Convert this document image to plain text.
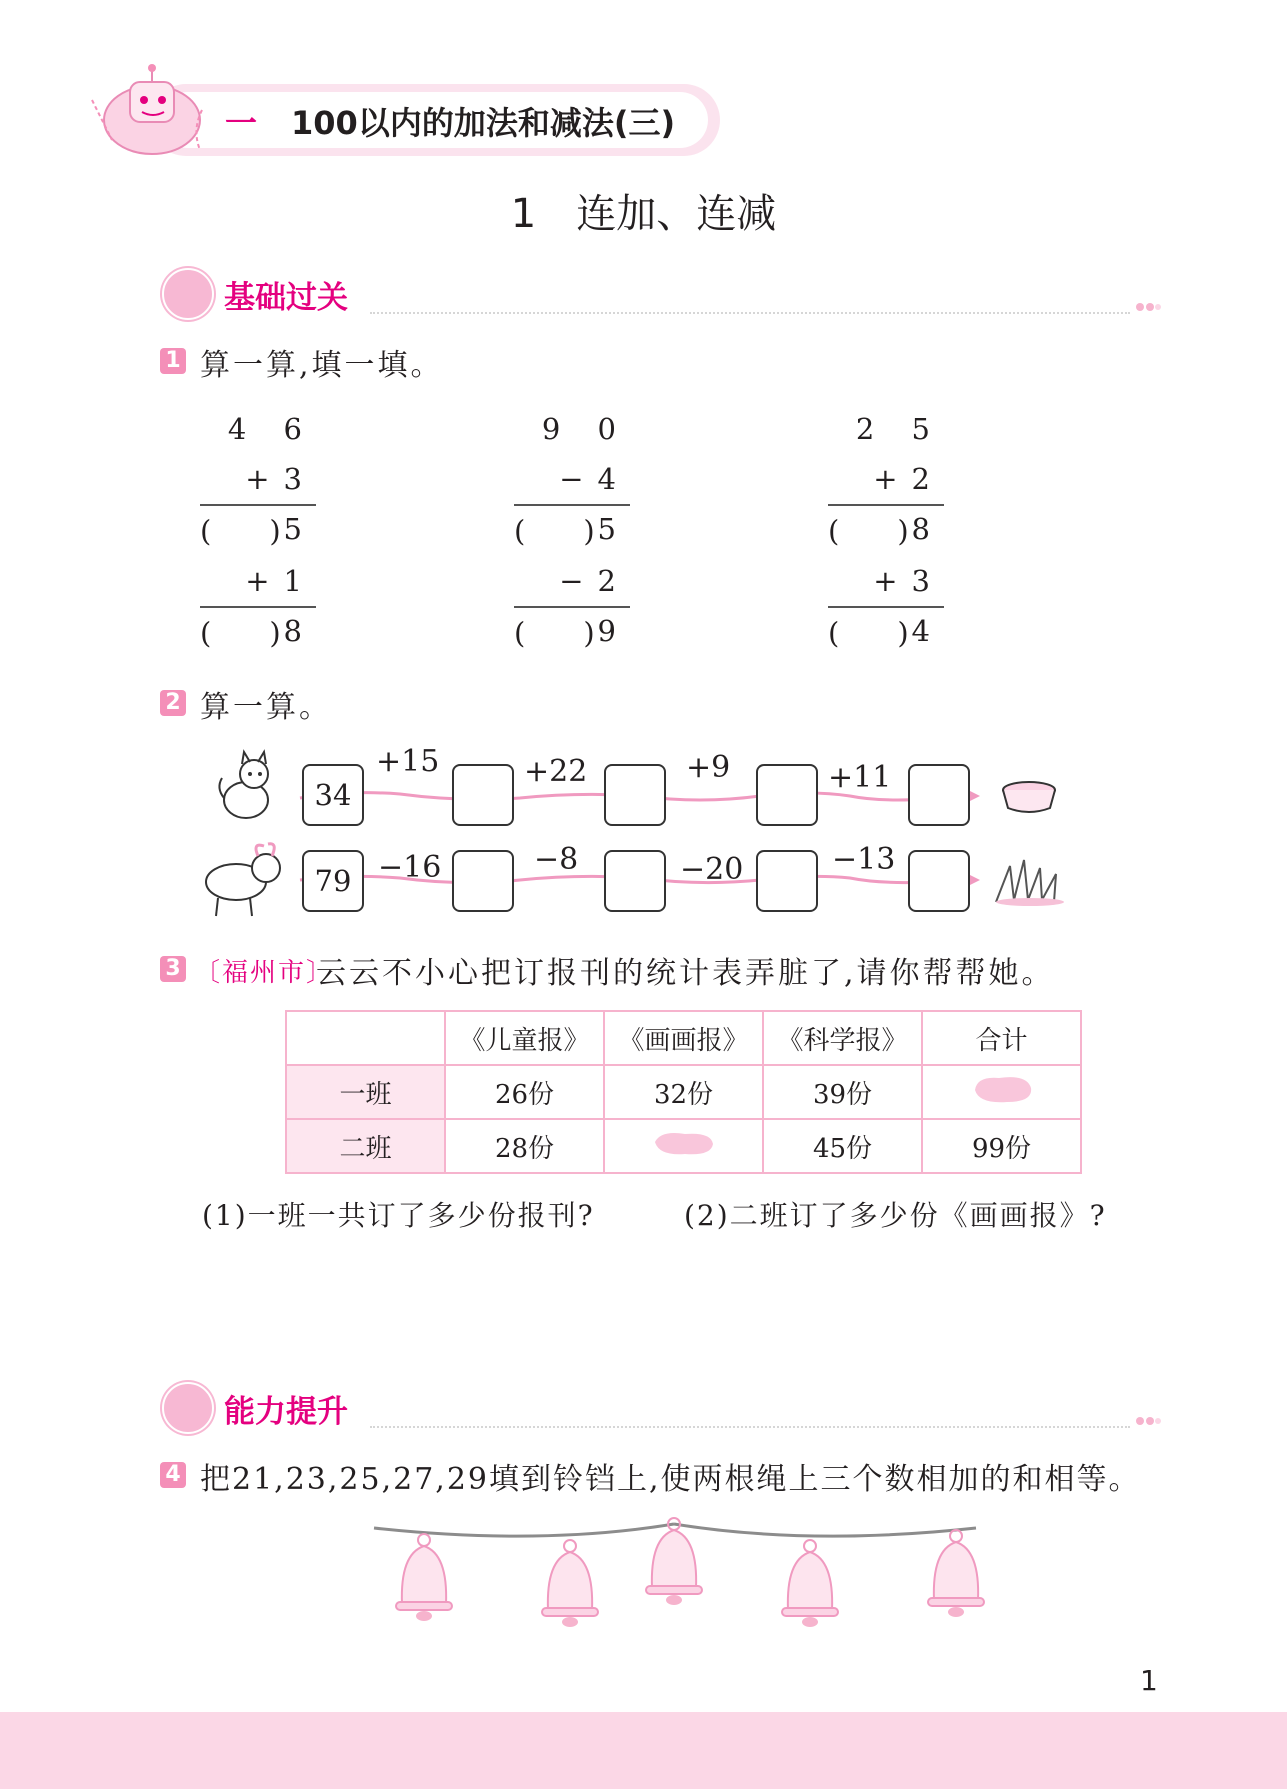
一 100以内的加法和减法(三)
1　连加、连减
基础过关
1 算一算,填一填。
4 6
+3 5
(　　)
+1 8
(　　)
9 0
−4 5
(　　)
−2 9
(　　)
2 5
+2 8
(　　)
+3 4
(　　)
2 算一算。
34
+15	+22	+9	+11
79 −16	−8	−20	−13
3 〔福州市〕
云云不小心把订报刊的统计表弄脏了,请你帮帮她。
	《儿童报》	《画画报》	《科学报》	合计
一班	26份	32份	39份	
二班	28份		45份	99份
(1)一班一共订了多少份报刊?	(2)二班订了多少份《画画报》?
能力提升
4 把21,23,25,27,29填到铃铛上,使两根绳上三个数相加的和相等。
1
